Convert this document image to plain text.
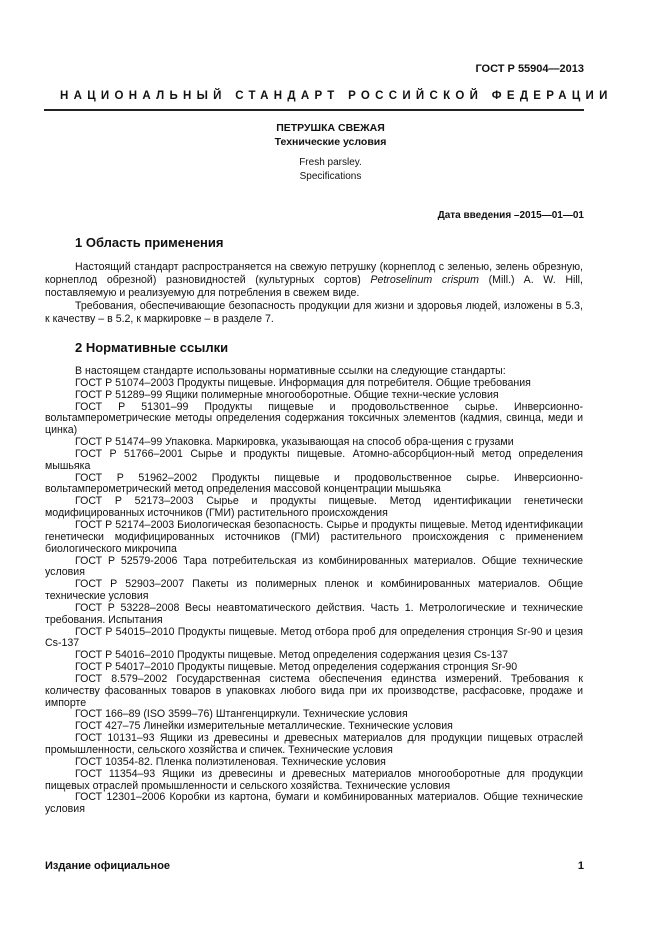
ГОСТ Р 55904—2013
НАЦИОНАЛЬНЫЙ СТАНДАРТ РОССИЙСКОЙ ФЕДЕРАЦИИ
ПЕТРУШКА СВЕЖАЯ
Технические условия
Fresh parsley.
Specifications
Дата введения –2015—01—01
1 Область применения
Настоящий стандарт распространяется на свежую петрушку (корнеплод с зеленью, зелень обрезную, корнеплод обрезной) разновидностей (культурных сортов) Petroselinum crispum (Mill.) A. W. Hill, поставляемую и реализуемую для потребления в свежем виде.
Требования, обеспечивающие безопасность продукции для жизни и здоровья людей, изложены в 5.3, к качеству – в 5.2, к маркировке – в разделе 7.
2 Нормативные ссылки
В настоящем стандарте использованы нормативные ссылки на следующие стандарты:
ГОСТ Р 51074–2003 Продукты пищевые. Информация для потребителя. Общие требования
ГОСТ Р 51289–99 Ящики полимерные многооборотные. Общие техни-ческие условия
ГОСТ Р 51301–99 Продукты пищевые и продовольственное сырье. Инверсионно-вольтамперометрические методы определения содержания токсичных элементов (кадмия, свинца, меди и цинка)
ГОСТ Р 51474–99 Упаковка. Маркировка, указывающая на способ обра-щения с грузами
ГОСТ Р 51766–2001 Сырье и продукты пищевые. Атомно-абсорбцион-ный метод определения мышьяка
ГОСТ Р 51962–2002 Продукты пищевые и продовольственное сырье. Инверсионно-вольтамперометрический метод определения массовой концентрации мышьяка
ГОСТ Р 52173–2003 Сырье и продукты пищевые. Метод идентификации генетически модифицированных источников (ГМИ) растительного происхождения
ГОСТ Р 52174–2003 Биологическая безопасность. Сырье и продукты пищевые. Метод идентификации генетически модифицированных источников (ГМИ) растительного происхождения с применением биологического микрочипа
ГОСТ Р 52579-2006 Тара потребительская из комбинированных материалов. Общие технические условия
ГОСТ Р 52903–2007 Пакеты из полимерных пленок и комбинированных материалов. Общие технические условия
ГОСТ Р 53228–2008 Весы неавтоматического действия. Часть 1. Метрологические и технические требования. Испытания
ГОСТ Р 54015–2010 Продукты пищевые. Метод отбора проб для определения стронция Sr-90 и цезия Cs-137
ГОСТ Р 54016–2010 Продукты пищевые. Метод определения содержания цезия Cs-137
ГОСТ Р 54017–2010 Продукты пищевые. Метод определения содержания стронция Sr-90
ГОСТ 8.579–2002 Государственная система обеспечения единства измерений. Требования к количеству фасованных товаров в упаковках любого вида при их производстве, расфасовке, продаже и импорте
ГОСТ 166–89 (ISO 3599–76) Штангенциркули. Технические условия
ГОСТ 427–75 Линейки измерительные металлические. Технические условия
ГОСТ 10131–93 Ящики из древесины и древесных материалов для продукции пищевых отраслей промышленности, сельского хозяйства и спичек. Технические условия
ГОСТ 10354-82. Пленка полиэтиленовая. Технические условия
ГОСТ 11354–93 Ящики из древесины и древесных материалов многооборотные для продукции пищевых отраслей промышленности и сельского хозяйства. Технические условия
ГОСТ 12301–2006 Коробки из картона, бумаги и комбинированных материалов. Общие технические условия
Издание официальное	1
